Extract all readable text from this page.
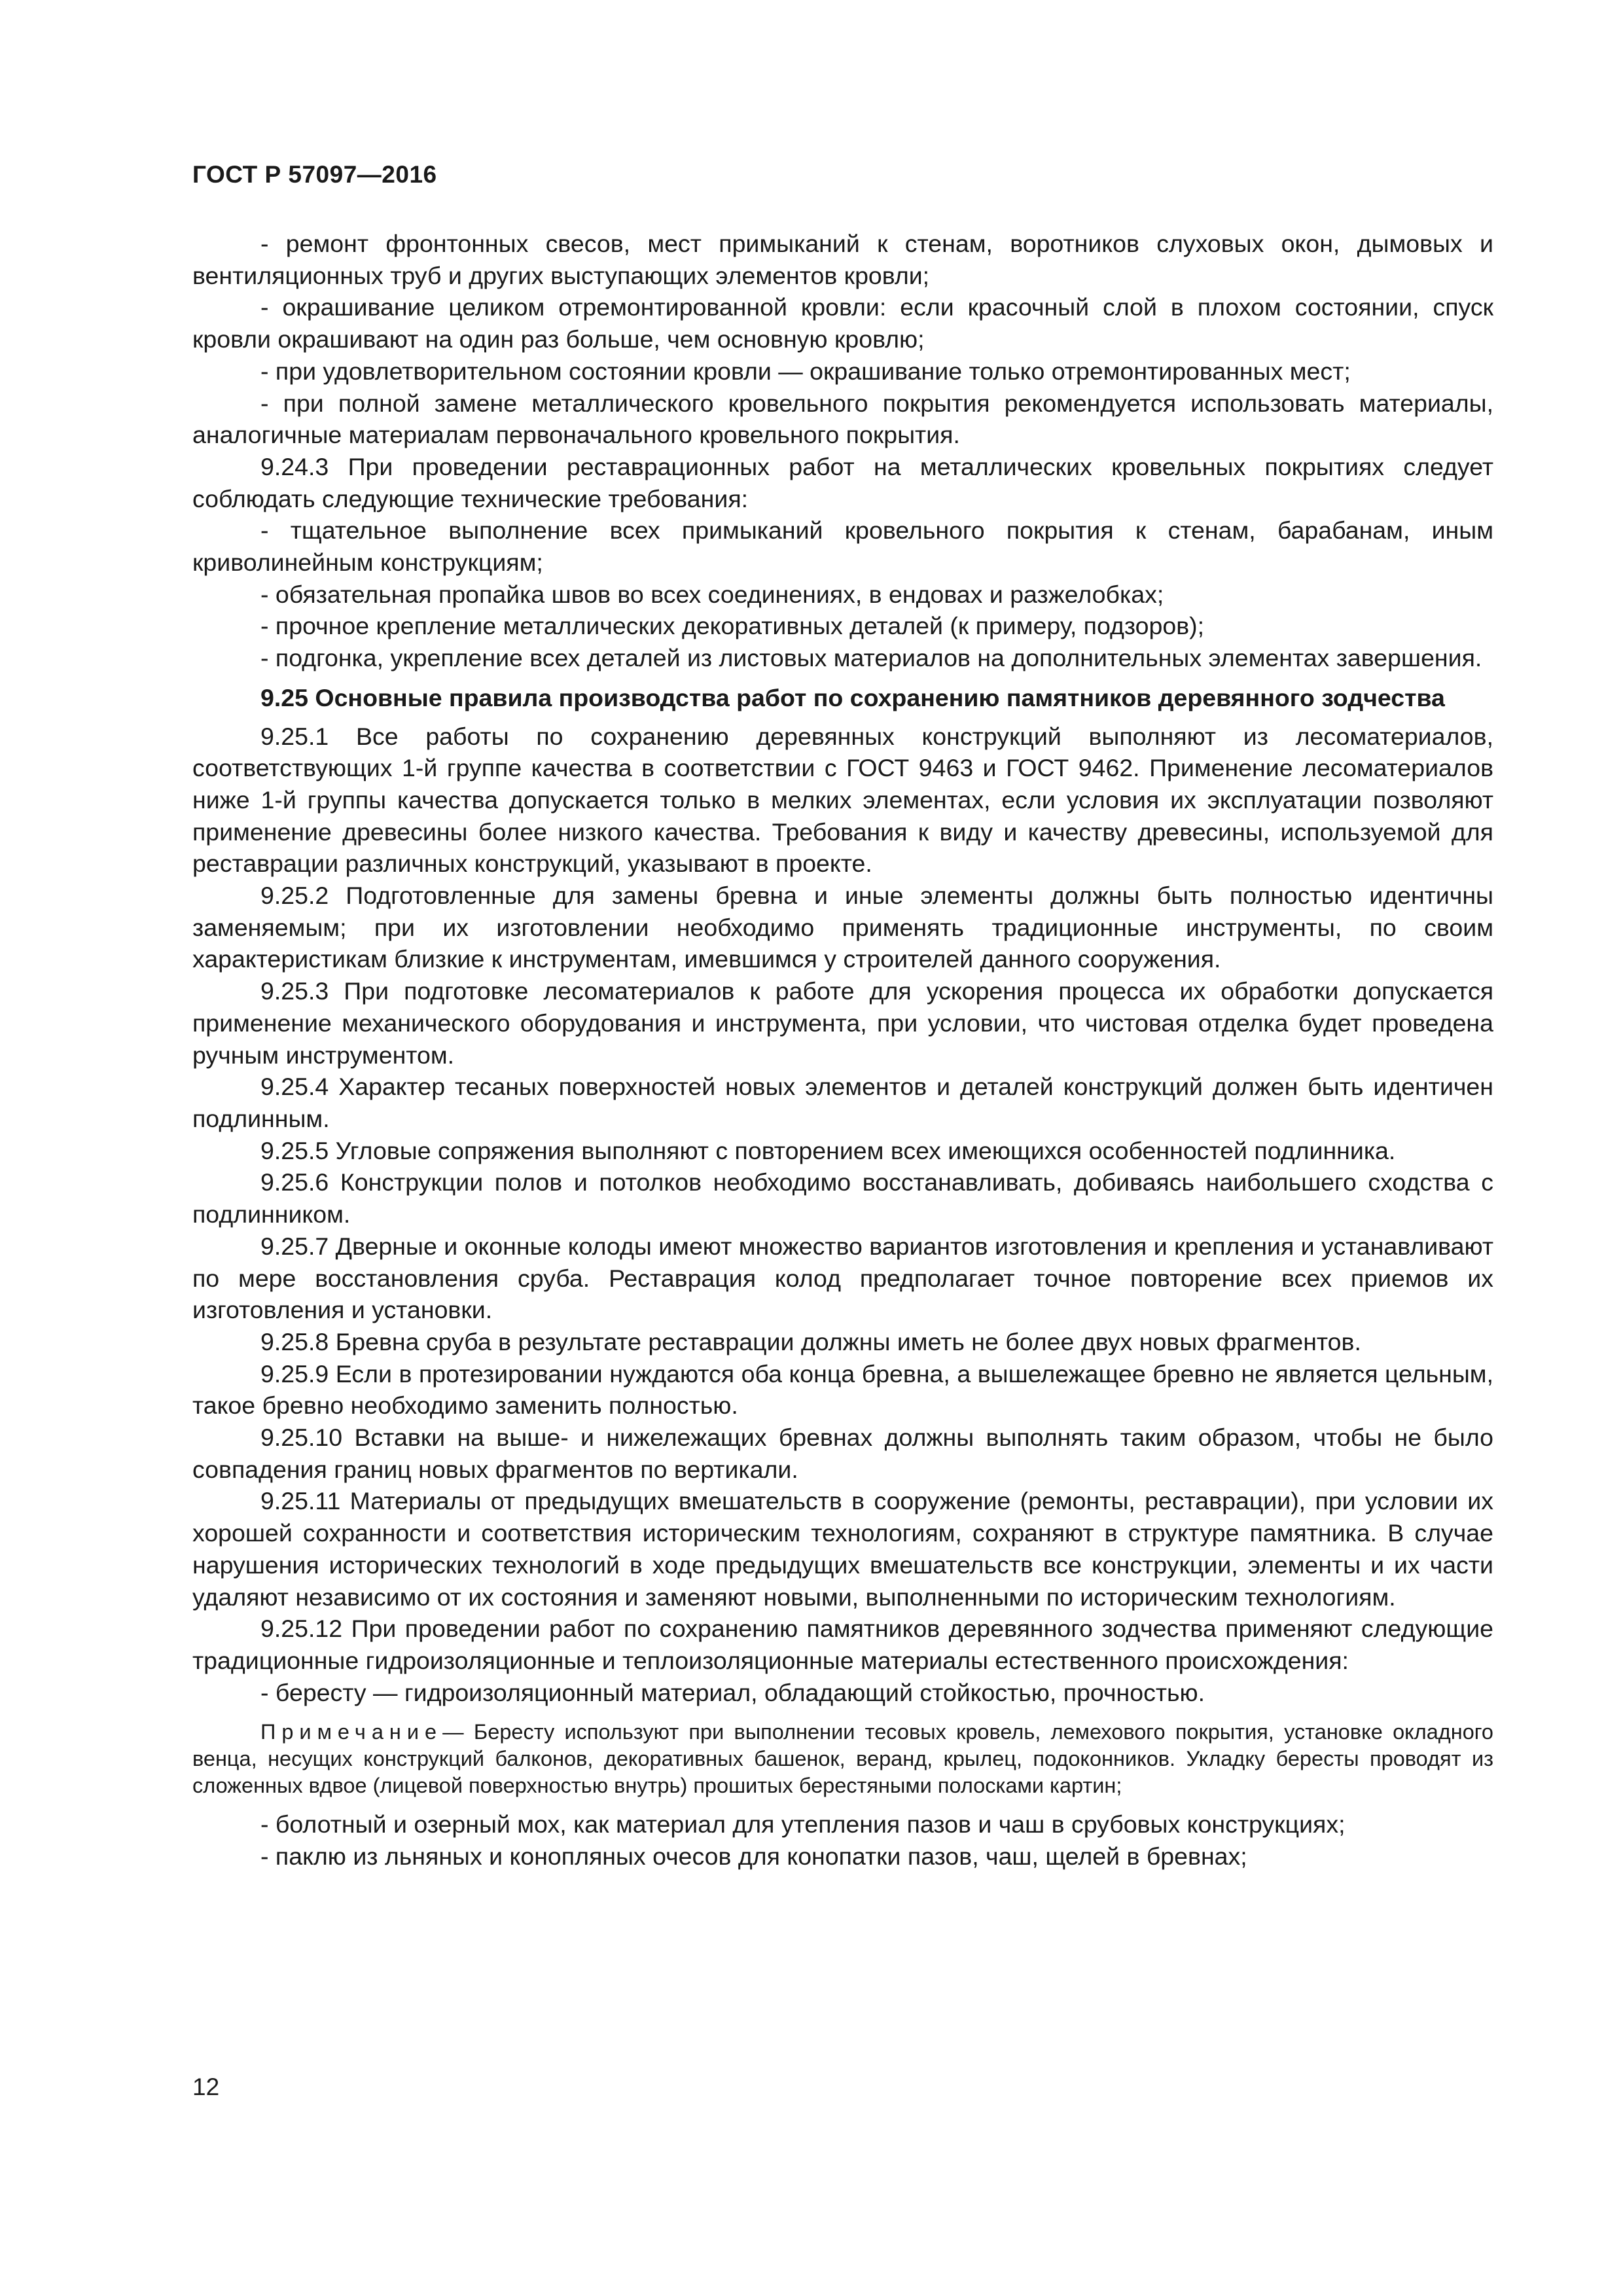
ГОСТ Р 57097—2016

- ремонт фронтонных свесов, мест примыканий к стенам, воротников слуховых окон, дымовых и вентиляционных труб и других выступающих элементов кровли;

- окрашивание целиком отремонтированной кровли: если красочный слой в плохом состоянии, спуск кровли окрашивают на один раз больше, чем основную кровлю;

- при удовлетворительном состоянии кровли — окрашивание только отремонтированных мест;

- при полной замене металлического кровельного покрытия рекомендуется использовать материалы, аналогичные материалам первоначального кровельного покрытия.

9.24.3 При проведении реставрационных работ на металлических кровельных покрытиях следует соблюдать следующие технические требования:

- тщательное выполнение всех примыканий кровельного покрытия к стенам, барабанам, иным криволинейным конструкциям;

- обязательная пропайка швов во всех соединениях, в ендовах и разжелобках;

- прочное крепление металлических декоративных деталей (к примеру, подзоров);

- подгонка, укрепление всех деталей из листовых материалов на дополнительных элементах завершения.

9.25 Основные правила производства работ по сохранению памятников деревянного зодчества

9.25.1 Все работы по сохранению деревянных конструкций выполняют из лесоматериалов, соответствующих 1-й группе качества в соответствии с ГОСТ 9463 и ГОСТ 9462. Применение лесоматериалов ниже 1-й группы качества допускается только в мелких элементах, если условия их эксплуатации позволяют применение древесины более низкого качества. Требования к виду и качеству древесины, используемой для реставрации различных конструкций, указывают в проекте.

9.25.2 Подготовленные для замены бревна и иные элементы должны быть полностью идентичны заменяемым; при их изготовлении необходимо применять традиционные инструменты, по своим характеристикам близкие к инструментам, имевшимся у строителей данного сооружения.

9.25.3 При подготовке лесоматериалов к работе для ускорения процесса их обработки допускается применение механического оборудования и инструмента, при условии, что чистовая отделка будет проведена ручным инструментом.

9.25.4 Характер тесаных поверхностей новых элементов и деталей конструкций должен быть идентичен подлинным.

9.25.5 Угловые сопряжения выполняют с повторением всех имеющихся особенностей подлинника.

9.25.6 Конструкции полов и потолков необходимо восстанавливать, добиваясь наибольшего сходства с подлинником.

9.25.7 Дверные и оконные колоды имеют множество вариантов изготовления и крепления и устанавливают по мере восстановления сруба. Реставрация колод предполагает точное повторение всех приемов их изготовления и установки.

9.25.8 Бревна сруба в результате реставрации должны иметь не более двух новых фрагментов.

9.25.9 Если в протезировании нуждаются оба конца бревна, а вышележащее бревно не является цельным, такое бревно необходимо заменить полностью.

9.25.10 Вставки на выше- и нижележащих бревнах должны выполнять таким образом, чтобы не было совпадения границ новых фрагментов по вертикали.

9.25.11 Материалы от предыдущих вмешательств в сооружение (ремонты, реставрации), при условии их хорошей сохранности и соответствия историческим технологиям, сохраняют в структуре памятника. В случае нарушения исторических технологий в ходе предыдущих вмешательств все конструкции, элементы и их части удаляют независимо от их состояния и заменяют новыми, выполненными по историческим технологиям.

9.25.12 При проведении работ по сохранению памятников деревянного зодчества применяют следующие традиционные гидроизоляционные и теплоизоляционные материалы естественного происхождения:

- бересту — гидроизоляционный материал, обладающий стойкостью, прочностью.

Примечание— Бересту используют при выполнении тесовых кровель, лемехового покрытия, установке окладного венца, несущих конструкций балконов, декоративных башенок, веранд, крылец, подоконников. Укладку бересты проводят из сложенных вдвое (лицевой поверхностью внутрь) прошитых берестяными полосками картин;

- болотный и озерный мох, как материал для утепления пазов и чаш в срубовых конструкциях;

- паклю из льняных и конопляных очесов для конопатки пазов, чаш, щелей в бревнах;

12
